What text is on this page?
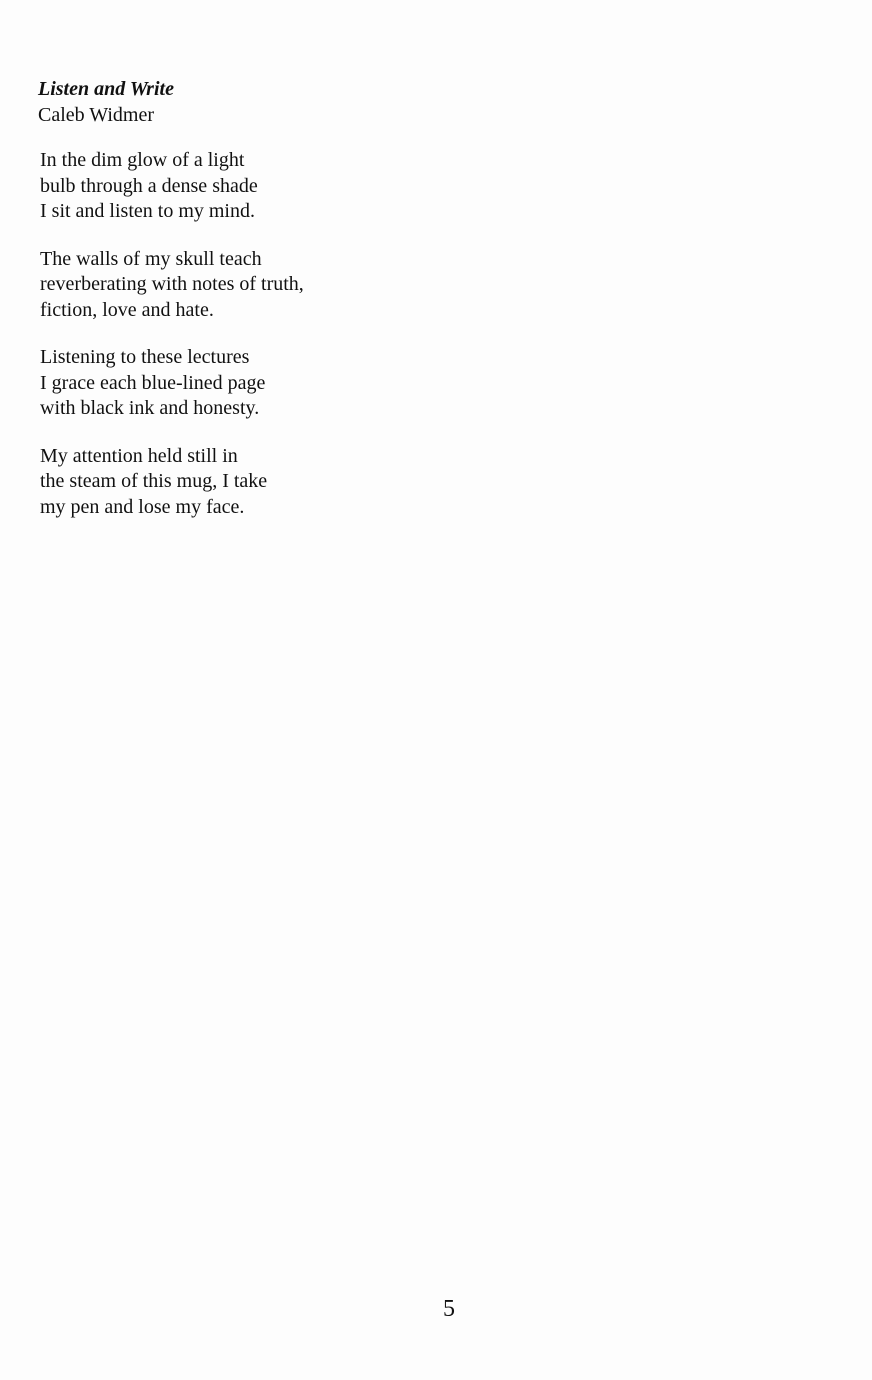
Listen and Write

Caleb Widmer

In the dim glow of a light
bulb through a dense shade
I sit and listen to my mind.
The walls of my skull teach
reverberating with notes of truth,
fiction, love and hate.
Listening to these lectures
I grace each blue-lined page
with black ink and honesty.
My attention held still in
the steam of this mug, I take
my pen and lose my face.
5
